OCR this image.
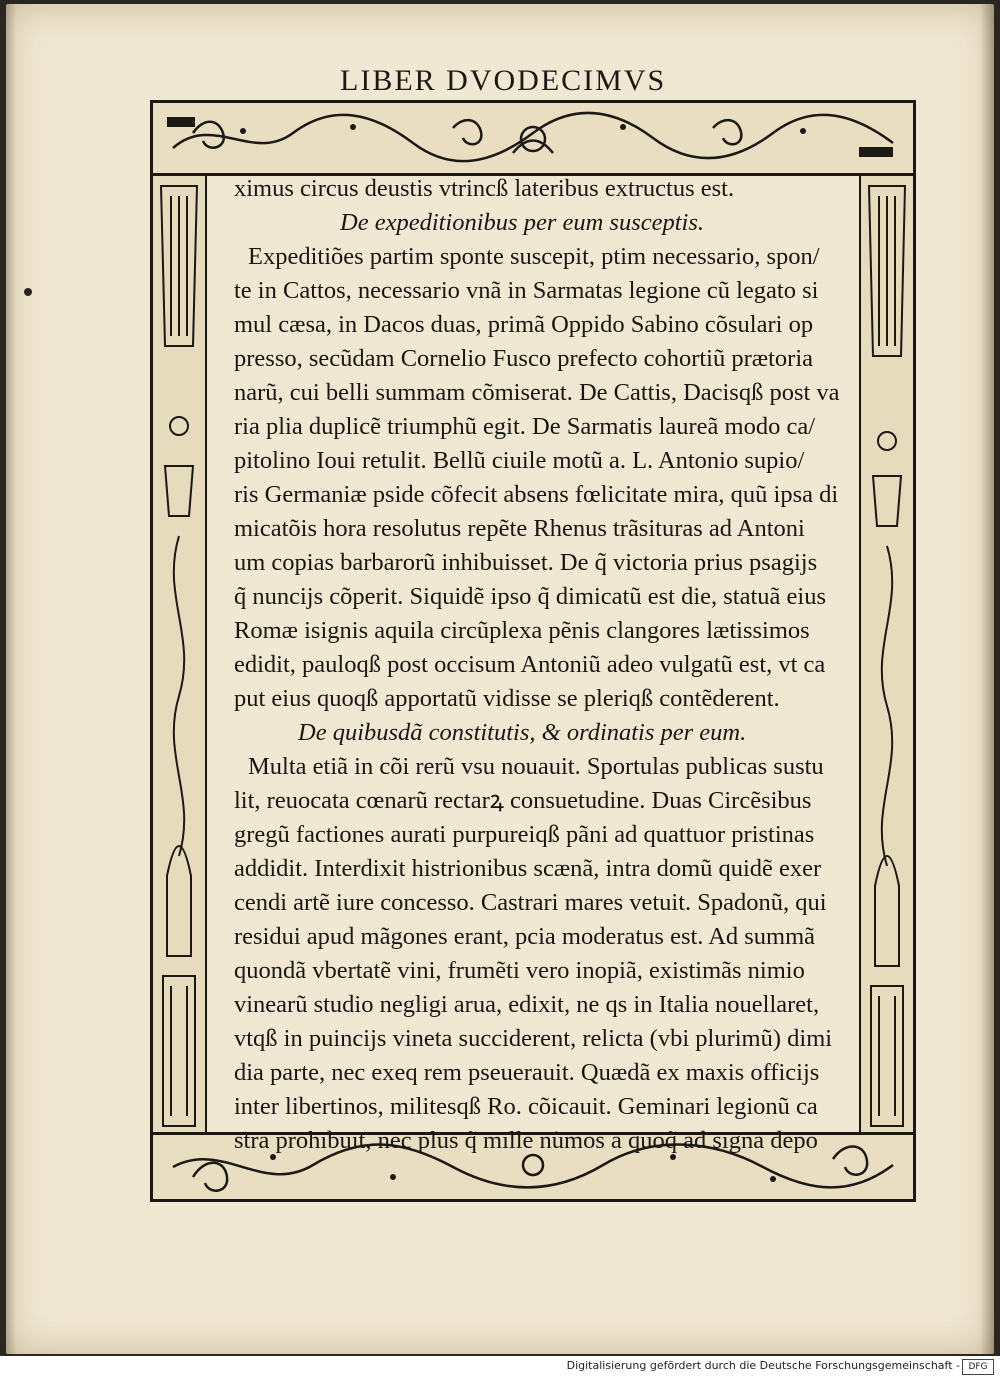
LIBER DVODECIMVS
ximus circus deustis vtrincß lateribus extructus est.
De expeditionibus per eum susceptis.
Expeditiões partim sponte suscepit, ptim necessario, spon/
te in Cattos, necessario vnã in Sarmatas legione cũ legato si
mul cæsa, in Dacos duas, primã Oppido Sabino cõsulari op
presso, secũdam Cornelio Fusco prefecto cohortiũ prætoria
narũ, cui belli summam cõmiserat. De Cattis, Dacisqß post va
ria plia duplicẽ triumphũ egit. De Sarmatis laureã modo ca/
pitolino Ioui retulit. Bellũ ciuile motũ a. L. Antonio supio/
ris Germaniæ pside cõfecit absens fœlicitate mira, quũ ipsa di
micatõis hora resolutus repẽte Rhenus trãsituras ad Antoni
um copias barbarorũ inhibuisset. De q̃ victoria prius psagijs
q̃ nuncijs cõperit. Siquidẽ ipso q̃ dimicatũ est die, statuã eius
Romæ isignis aquila circũplexa pẽnis clangores lætissimos
edidit, pauloqß post occisum Antoniũ adeo vulgatũ est, vt ca
put eius quoqß apportatũ vidisse se pleriqß contẽderent.
De quibusdã constitutis, & ordinatis per eum.
Multa etiã in cõi rerũ vsu nouauit. Sportulas publicas sustu
lit, reuocata cœnarũ rectarꝝ consuetudine. Duas Circẽsibus
gregũ factiones aurati purpureiqß pãni ad quattuor pristinas
addidit. Interdixit histrionibus scænã, intra domũ quidẽ exer
cendi artẽ iure concesso. Castrari mares vetuit. Spadonũ, qui
residui apud mãgones erant, pcia moderatus est. Ad summã
quondã vbertatẽ vini, frumẽti vero inopiã, existimãs nimio
vinearũ studio negligi arua, edixit, ne qs in Italia nouellaret,
vtqß in puincijs vineta succiderent, relicta (vbi plurimũ) dimi
dia parte, nec exeq rem pseuerauit. Quædã ex maxis officijs
inter libertinos, militesqß Ro. cõicauit. Geminari legionũ ca
stra prohibuit, nec plus q̃ mille nũmos a quoq̃ ad signa depo
Digitalisierung gefördert durch die Deutsche Forschungsgemeinschaft - DFG
